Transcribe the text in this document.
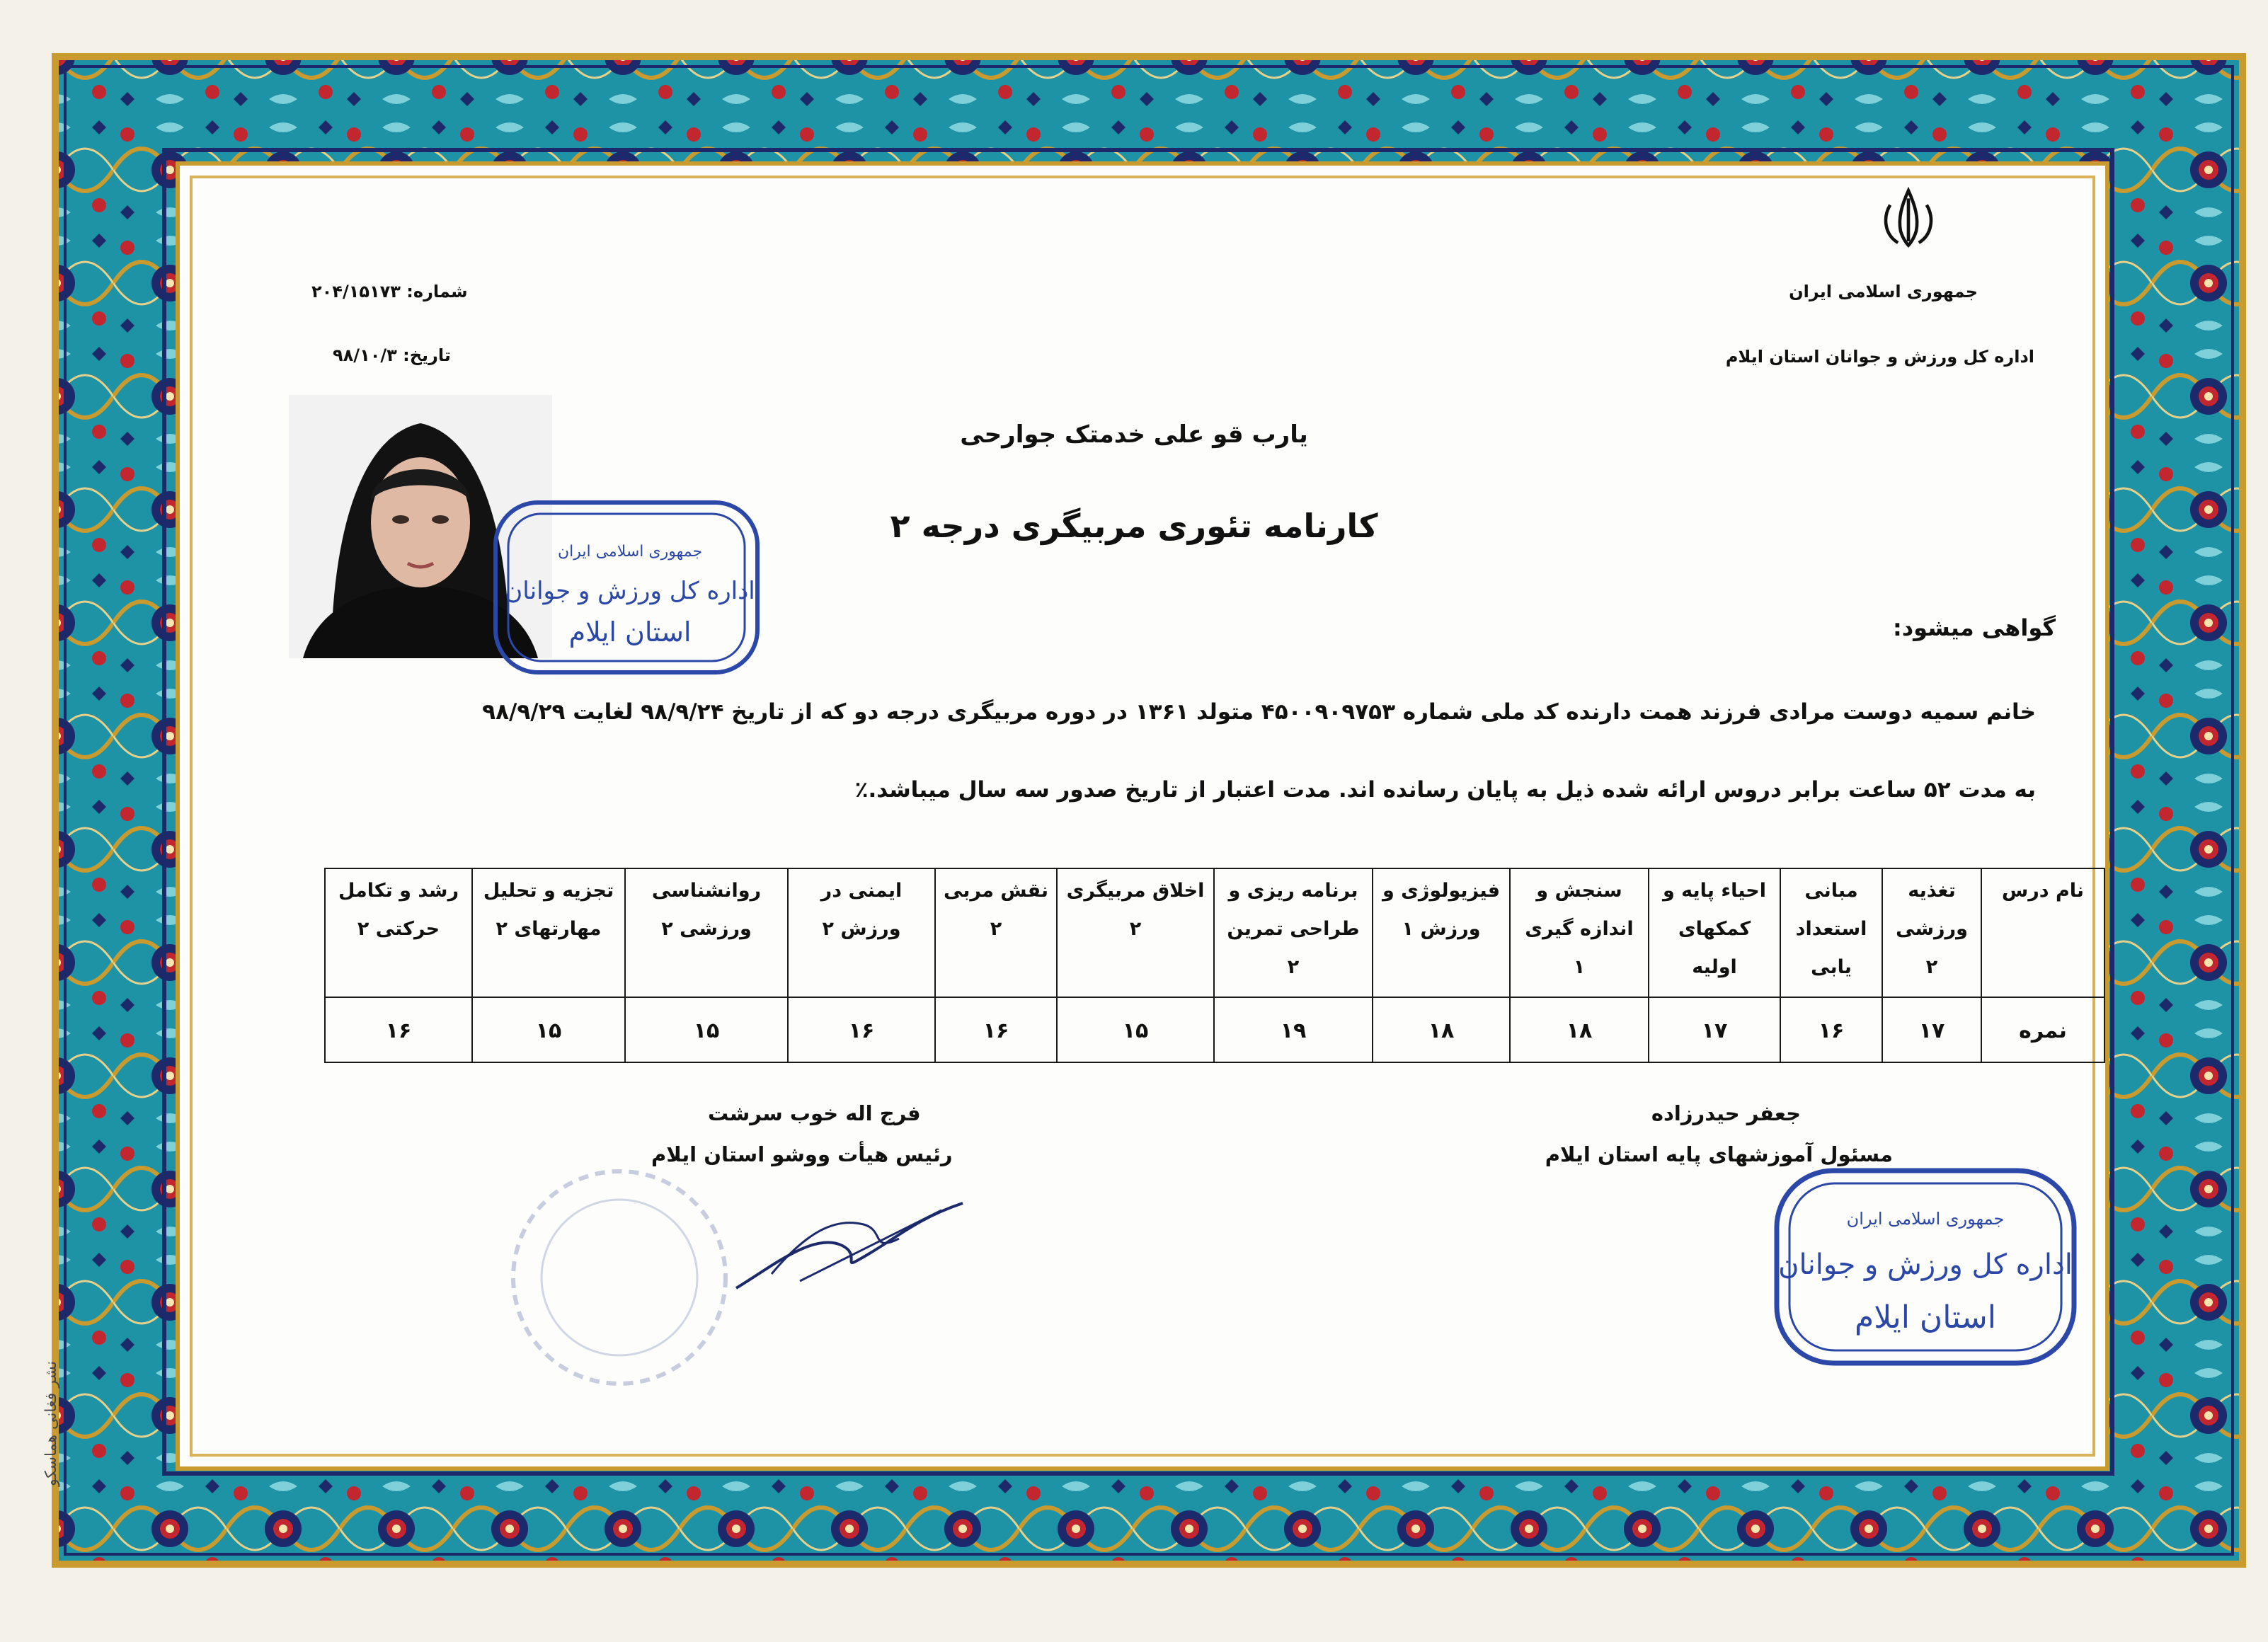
جمهوری اسلامی ایران
اداره کل ورزش و جوانان استان ایلام
شماره: ۲۰۴/۱۵۱۷۳
تاریخ: ۹۸/۱۰/۳
جمهوری اسلامی ایران
اداره کل ورزش و جوانان
استان ایلام
یارب قو علی خدمتک جوارحی
کارنامه تئوری مربیگری درجه ۲
گواهی میشود:
خانم سمیه دوست مرادی فرزند همت دارنده کد ملی شماره ۴۵۰۰۹۰۹۷۵۳ متولد ۱۳۶۱ در دوره مربیگری درجه دو که از تاریخ ۹۸/۹/۲۴ لغایت ۹۸/۹/۲۹
به مدت ۵۲ ساعت برابر دروس ارائه شده ذیل به پایان رسانده اند. مدت اعتبار از تاریخ صدور سه سال میباشد.٪
نام درس	تغذیه ورزشی ۲	مبانی استعداد یابی	احیاء پایه و کمکهای اولیه	سنجش و اندازه گیری ۱	فیزیولوژی و ورزش ۱	برنامه ریزی و طراحی تمرین ۲	اخلاق مربیگری ۲	نقش مربی ۲	ایمنی در ورزش ۲	روانشناسی ورزشی ۲	تجزیه و تحلیل مهارتهای ۲	رشد و تکامل حرکتی ۲
نمره	۱۷	۱۶	۱۷	۱۸	۱۸	۱۹	۱۵	۱۶	۱۶	۱۵	۱۵	۱۶
فرج اله خوب سرشت
رئیس هیأت ووشو استان ایلام
جعفر حیدرزاده
مسئول آموزشهای پایه استان ایلام
جمهوری اسلامی ایران
اداره کل ورزش و جوانان
استان ایلام
نشر فغانی هماسکو
